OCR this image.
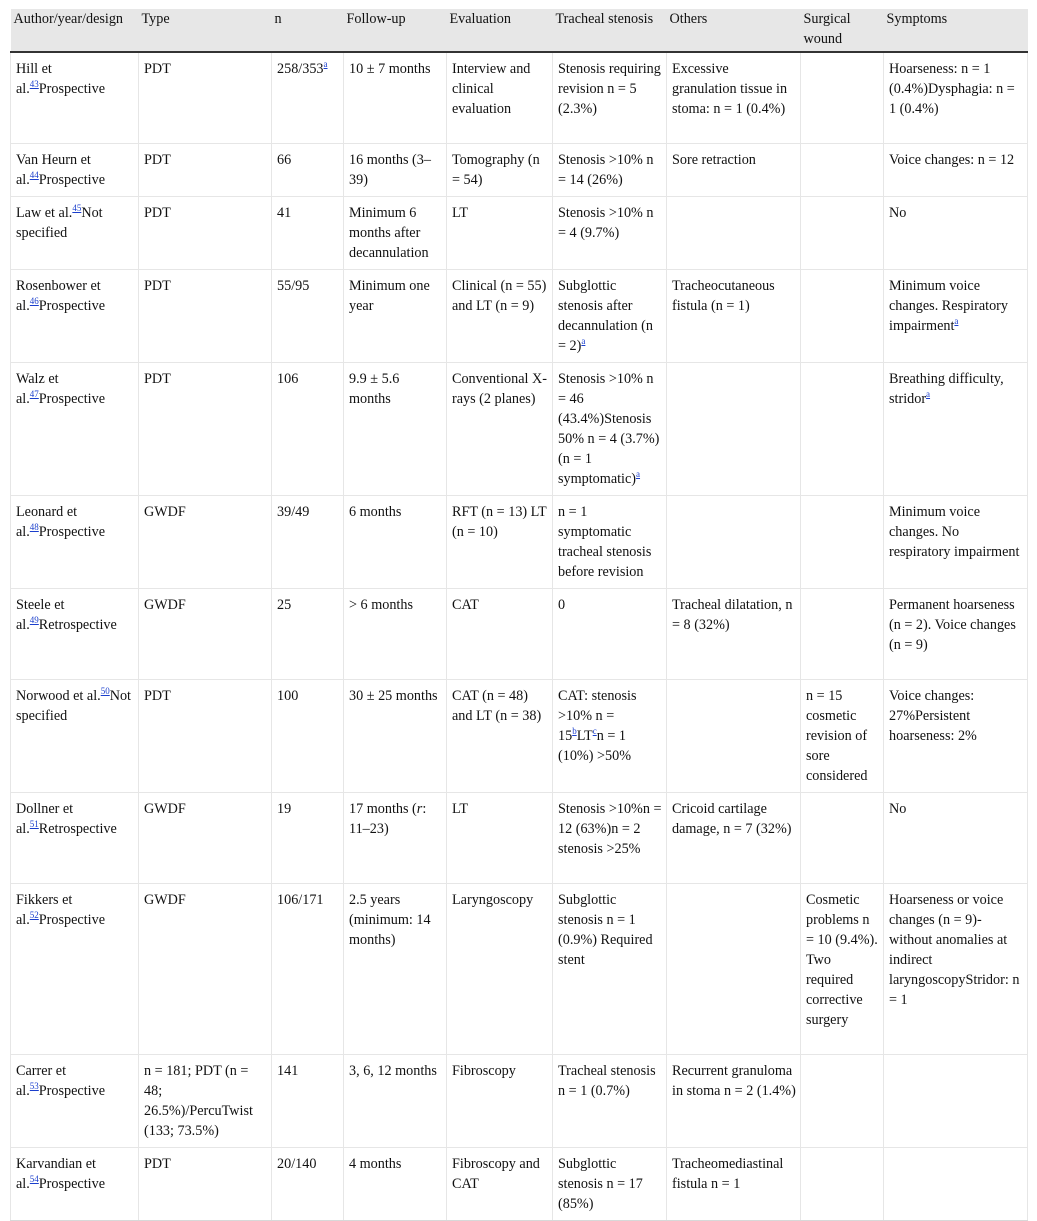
Author/year/design	Type	n	Follow-up	Evaluation	Tracheal stenosis	Others	Surgical wound	Symptoms
Hill et al.$^{43}$Prospective	PDT	258/353$^a$	10 ± 7 months	Interview and clinical evaluation	Stenosis requiring revision n = 5 (2.3%)	Excessive granulation tissue in stoma: n = 1 (0.4%)		Hoarseness: n = 1 (0.4%)Dysphagia: n = 1 (0.4%)
Van Heurn et al.$^{44}$Prospective	PDT	66	16 months (3–39)	Tomography (n = 54)	Stenosis >10% n = 14 (26%)	Sore retraction		Voice changes: n = 12
Law et al.$^{45}$Not specified	PDT	41	Minimum 6 months after decannulation	LT	Stenosis >10% n = 4 (9.7%)			No
Rosenbower et al.$^{46}$Prospective	PDT	55/95	Minimum one year	Clinical (n = 55) and LT (n = 9)	Subglottic stenosis after decannulation (n = 2)$^a$	Tracheocutaneous fistula (n = 1)		Minimum voice changes. Respiratory impairment$^a$
Walz et al.$^{47}$Prospective	PDT	106	9.9 ± 5.6 months	Conventional X-rays (2 planes)	Stenosis >10% n = 46 (43.4%)Stenosis 50% n = 4 (3.7%) (n = 1 symptomatic)$^a$			Breathing difficulty, stridor$^a$
Leonard et al.$^{48}$Prospective	GWDF	39/49	6 months	RFT (n = 13) LT (n = 10)	n = 1 symptomatic tracheal stenosis before revision			Minimum voice changes. No respiratory impairment
Steele et al.$^{49}$Retrospective	GWDF	25	> 6 months	CAT	0	Tracheal dilatation, n = 8 (32%)		Permanent hoarseness (n = 2). Voice changes (n = 9)
Norwood et al.$^{50}$Not specified	PDT	100	30 ± 25 months	CAT (n = 48) and LT (n = 38)	CAT: stenosis >10% $n = 15^bLT^cn = 1$ (10%) >50%		n = 15 cosmetic revision of sore considered	Voice changes: 27%Persistent hoarseness: 2%
Dollner et al.$^{51}$Retrospective	GWDF	19	17 months (r: 11–23)	LT	Stenosis >10%n = 12 (63%)n = 2 stenosis >25%	Cricoid cartilage damage, n = 7 (32%)		No
Fikkers et al.$^{52}$Prospective	GWDF	106/171	2.5 years (minimum: 14 months)	Laryngoscopy	Subglottic stenosis n = 1 (0.9%) Required stent		Cosmetic problems n = 10 (9.4%). Two required corrective surgery	Hoarseness or voice changes (n = 9)-without anomalies at indirect laryngoscopyStridor: n = 1
Carrer et al.$^{53}$Prospective	n = 181; PDT (n = 48; 26.5%)/PercuTwist (133; 73.5%)	141	3, 6, 12 months	Fibroscopy	Tracheal stenosis n = 1 (0.7%)	Recurrent granuloma in stoma n = 2 (1.4%)		
Karvandian et al.$^{54}$Prospective	PDT	20/140	4 months	Fibroscopy and CAT	Subglottic stenosis n = 17 (85%)	Tracheomediastinal fistula n = 1		
